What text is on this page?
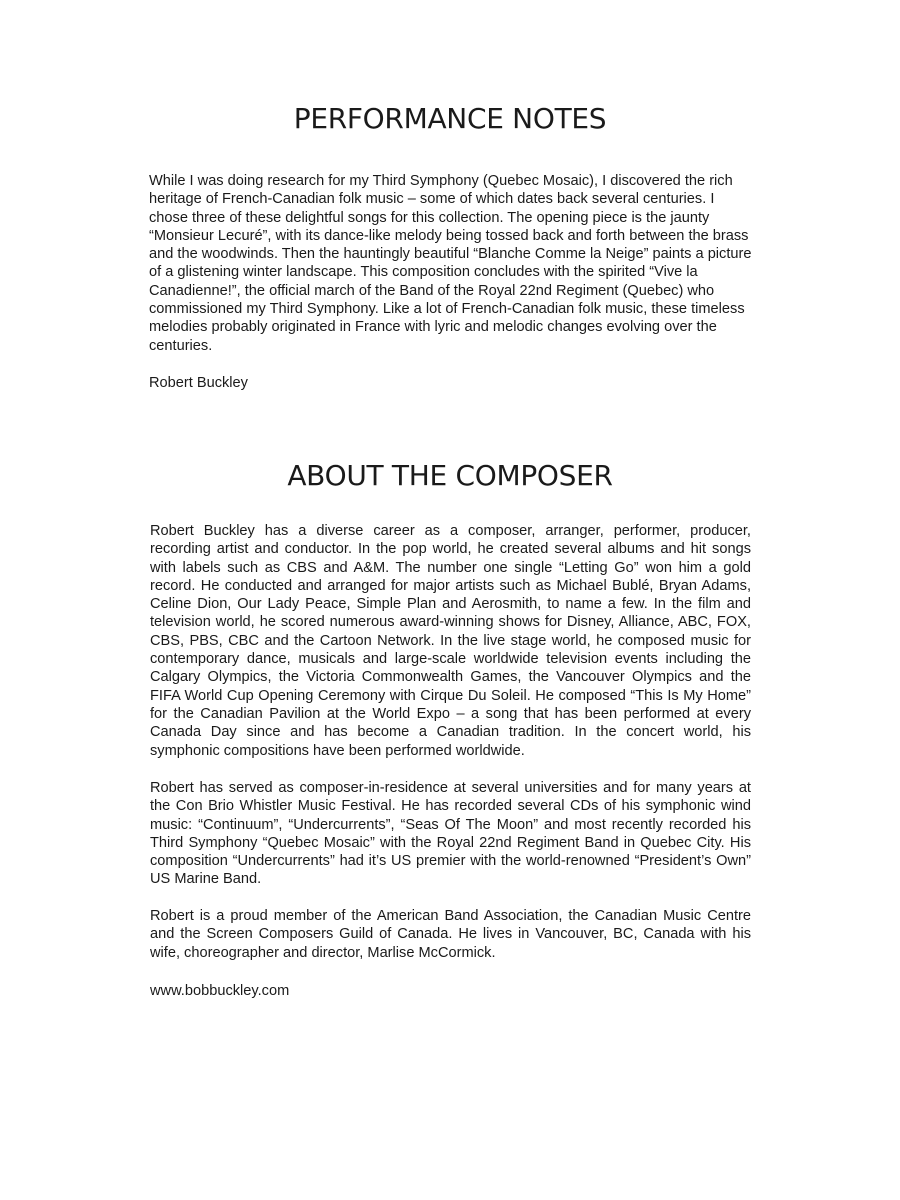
PERFORMANCE NOTES

While I was doing research for my Third Symphony (Quebec Mosaic), I discovered the rich heritage of French-Canadian folk music – some of which dates back several centuries. I chose three of these delightful songs for this collection. The opening piece is the jaunty “Monsieur Lecuré”, with its dance-like melody being tossed back and forth between the brass and the woodwinds. Then the hauntingly beautiful “Blanche Comme la Neige” paints a picture of a glistening winter landscape. This composition concludes with the spirited “Vive la Canadienne!”, the official march of the Band of the Royal 22nd Regiment (Quebec) who commissioned my Third Symphony. Like a lot of French-Canadian folk music, these timeless melodies probably originated in France with lyric and melodic changes evolving over the centuries.

Robert Buckley

ABOUT THE COMPOSER

Robert Buckley has a diverse career as a composer, arranger, performer, producer, recording artist and conductor. In the pop world, he created several albums and hit songs with labels such as CBS and A&M. The number one single “Letting Go” won him a gold record. He conducted and arranged for major artists such as Michael Bublé, Bryan Adams, Celine Dion, Our Lady Peace, Simple Plan and Aerosmith, to name a few. In the film and television world, he scored numerous award-winning shows for Disney, Alliance, ABC, FOX, CBS, PBS, CBC and the Cartoon Network. In the live stage world, he composed music for contemporary dance, musicals and large-scale worldwide television events including the Calgary Olympics, the Victoria Commonwealth Games, the Vancouver Olympics and the FIFA World Cup Opening Ceremony with Cirque Du Soleil. He composed “This Is My Home” for the Canadian Pavilion at the World Expo – a song that has been performed at every Canada Day since and has become a Canadian tradition. In the concert world, his symphonic compositions have been performed worldwide.

Robert has served as composer-in-residence at several universities and for many years at the Con Brio Whistler Music Festival. He has recorded several CDs of his symphonic wind music: “Continuum”, “Undercurrents”, “Seas Of The Moon” and most recently recorded his Third Symphony “Quebec Mosaic” with the Royal 22nd Regiment Band in Quebec City. His composition “Undercurrents” had it’s US premier with the world-renowned “President’s Own” US Marine Band.

Robert is a proud member of the American Band Association, the Canadian Music Centre and the Screen Composers Guild of Canada. He lives in Vancouver, BC, Canada with his wife, choreographer and director, Marlise McCormick.

www.bobbuckley.com
